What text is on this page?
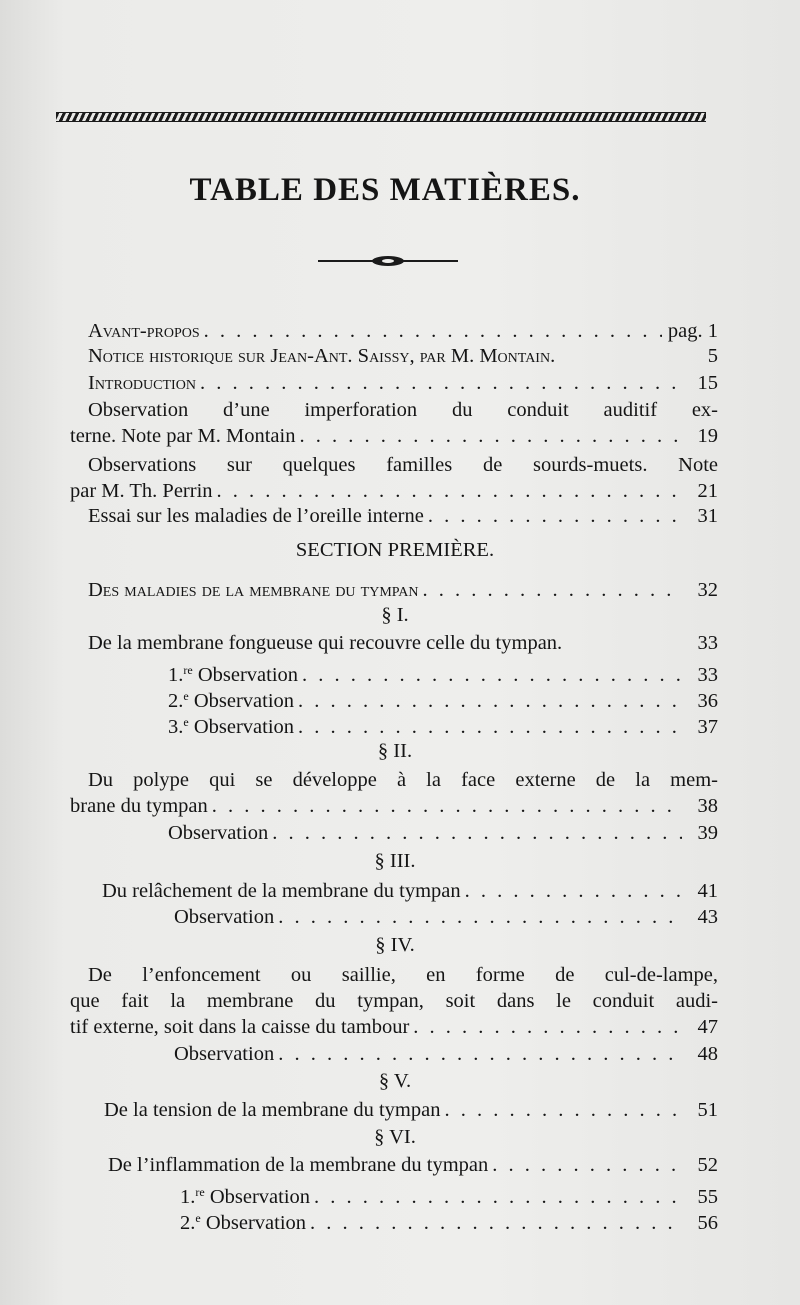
TABLE DES MATIÈRES.
Avant-propos . . .	pag. 1
Notice historique sur Jean-Ant. Saissy, par M. Montain.	5
Introduction . . .	15
Observation d’une imperforation du conduit auditif ex-
terne. Note par M. Montain . . .	19
Observations sur quelques familles de sourds-muets. Note
par M. Th. Perrin . . .	21
Essai sur les maladies de l’oreille interne . . .	31
SECTION PREMIÈRE.
Des maladies de la membrane du tympan . . .	32
§ I.
De la membrane fongueuse qui recouvre celle du tympan.	33
1.$^{re}$ Observation . . .	33
2.$^e$ Observation . . .	36
3.$^e$ Observation . . .	37
§ II.
Du polype qui se développe à la face externe de la mem-
brane du tympan . . .	38
Observation . . .	39
§ III.
Du relâchement de la membrane du tympan . . .	41
Observation . . .	43
§ IV.
De l’enfoncement ou saillie, en forme de cul-de-lampe,
que fait la membrane du tympan, soit dans le conduit audi-
tif externe, soit dans la caisse du tambour . . .	47
Observation . . .	48
§ V.
De la tension de la membrane du tympan . . .	51
§ VI.
De l’inflammation de la membrane du tympan . . .	52
1.$^{re}$ Observation . . .	55
2.$^e$ Observation . . .	56
